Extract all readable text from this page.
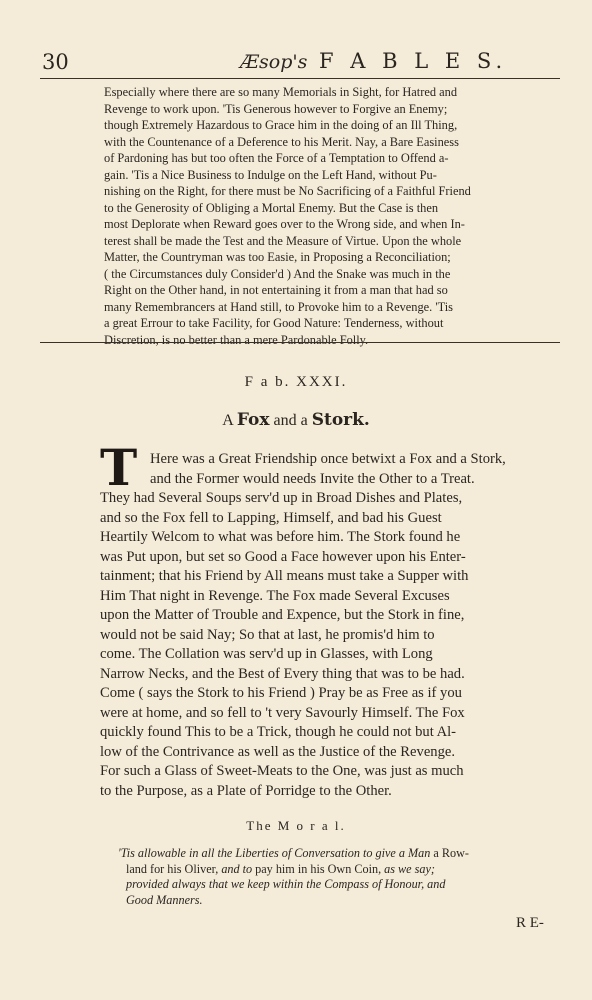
30	Æsop's F A B L E S.

Especially where there are so many Memorials in Sight, for Hatred and
Revenge to work upon. 'Tis Generous however to Forgive an Enemy;
though Extremely Hazardous to Grace him in the doing of an Ill Thing,
with the Countenance of a Deference to his Merit. Nay, a Bare Easiness
of Pardoning has but too often the Force of a Temptation to Offend a-
gain. 'Tis a Nice Business to Indulge on the Left Hand, without Pu-
nishing on the Right, for there must be No Sacrificing of a Faithful Friend
to the Generosity of Obliging a Mortal Enemy. But the Case is then
most Deplorate when Reward goes over to the Wrong side, and when In-
terest shall be made the Test and the Measure of Virtue. Upon the whole
Matter, the Countryman was too Easie, in Proposing a Reconciliation;
( the Circumstances duly Consider'd ) And the Snake was much in the
Right on the Other hand, in not entertaining it from a man that had so
many Remembrancers at Hand still, to Provoke him to a Revenge. 'Tis
a great Errour to take Facility, for Good Nature: Tenderness, without
Discretion, is no better than a mere Pardonable Folly.

F a b. XXXI.

A Fox and a Stork.

T Here was a Great Friendship once betwixt a Fox and a Stork,
and the Former would needs Invite the Other to a Treat.
They had Several Soups serv'd up in Broad Dishes and Plates,
and so the Fox fell to Lapping, Himself, and bad his Guest
Heartily Welcom to what was before him. The Stork found he
was Put upon, but set so Good a Face however upon his Enter-
tainment; that his Friend by All means must take a Supper with
Him That night in Revenge. The Fox made Several Excuses
upon the Matter of Trouble and Expence, but the Stork in fine,
would not be said Nay; So that at last, he promis'd him to
come. The Collation was serv'd up in Glasses, with Long
Narrow Necks, and the Best of Every thing that was to be had.
Come ( says the Stork to his Friend ) Pray be as Free as if you
were at home, and so fell to 't very Savourly Himself. The Fox
quickly found This to be a Trick, though he could not but Al-
low of the Contrivance as well as the Justice of the Revenge.
For such a Glass of Sweet-Meats to the One, was just as much
to the Purpose, as a Plate of Porridge to the Other.

The M o r a l.

'Tis allowable in all the Liberties of Conversation to give a Man a Row-
land for his Oliver, and to pay him in his Own Coin, as we say;
provided always that we keep within the Compass of Honour, and
Good Manners.

R E-
